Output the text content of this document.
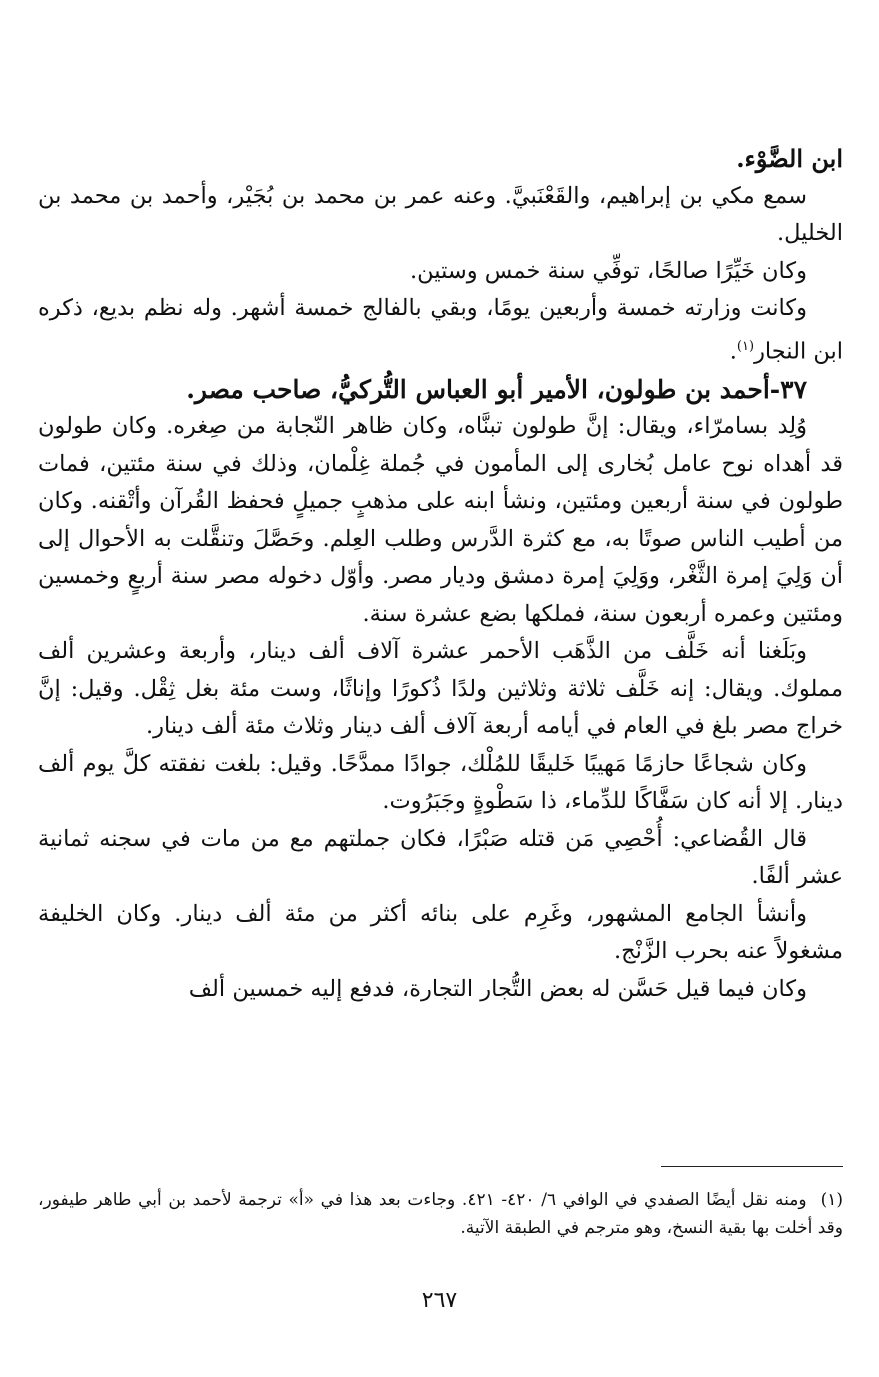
ابن الضَّوْء.

سمع مكي بن إبراهيم، والقَعْنَبيَّ. وعنه عمر بن محمد بن بُجَيْر، وأحمد بن محمد بن الخليل.

وكان خَيِّرًا صالحًا، توفِّي سنة خمس وستين.

وكانت وزارته خمسة وأربعين يومًا، وبقي بالفالج خمسة أشهر. وله نظم بديع، ذكره ابن النجار$^{(١)}$.

٣٧-أحمد بن طولون، الأمير أبو العباس التُّركيُّ، صاحب مصر.

وُلِد بسامرّاء، ويقال: إنَّ طولون تبنَّاه، وكان ظاهر النّجابة من صِغره. وكان طولون قد أهداه نوح عامل بُخارى إلى المأمون في جُملة غِلْمان، وذلك في سنة مئتين، فمات طولون في سنة أربعين ومئتين، ونشأ ابنه على مذهبٍ جميلٍ فحفظ القُرآن وأتْقنه. وكان من أطيب الناس صوتًا به، مع كثرة الدَّرس وطلب العِلم. وحَصَّلَ وتنقَّلت به الأحوال إلى أن وَلِيَ إمرة الثَّغْر، ووَلِيَ إمرة دمشق وديار مصر. وأوّل دخوله مصر سنة أربعٍ وخمسين ومئتين وعمره أربعون سنة، فملكها بضع عشرة سنة.

وبَلَغنا أنه خَلَّف من الذَّهَب الأحمر عشرة آلاف ألف دينار، وأربعة وعشرين ألف مملوك. ويقال: إنه خَلَّف ثلاثة وثلاثين ولدًا ذُكورًا وإناثًا، وست مئة بغل ثِقْل. وقيل: إنَّ خراج مصر بلغ في العام في أيامه أربعة آلاف ألف دينار وثلاث مئة ألف دينار.

وكان شجاعًا حازمًا مَهيبًا خَليقًا للمُلْك، جوادًا ممدَّحًا. وقيل: بلغت نفقته كلَّ يوم ألف دينار. إلا أنه كان سَفَّاكًا للدِّماء، ذا سَطْوةٍ وجَبَرُوت.

قال القُضاعي: أُحْصِي مَن قتله صَبْرًا، فكان جملتهم مع من مات في سجنه ثمانية عشر ألفًا.

وأنشأ الجامع المشهور، وغَرِم على بنائه أكثر من مئة ألف دينار. وكان الخليفة مشغولاً عنه بحرب الزَّنْج.

وكان فيما قيل حَسَّن له بعض التُّجار التجارة، فدفع إليه خمسين ألف

(١)ومنه نقل أيضًا الصفدي في الوافي ٦/ ٤٢٠- ٤٢١. وجاءت بعد هذا في «أ» ترجمة لأحمد بن أبي طاهر طيفور، وقد أخلت بها بقية النسخ، وهو مترجم في الطبقة الآتية.
٢٦٧
